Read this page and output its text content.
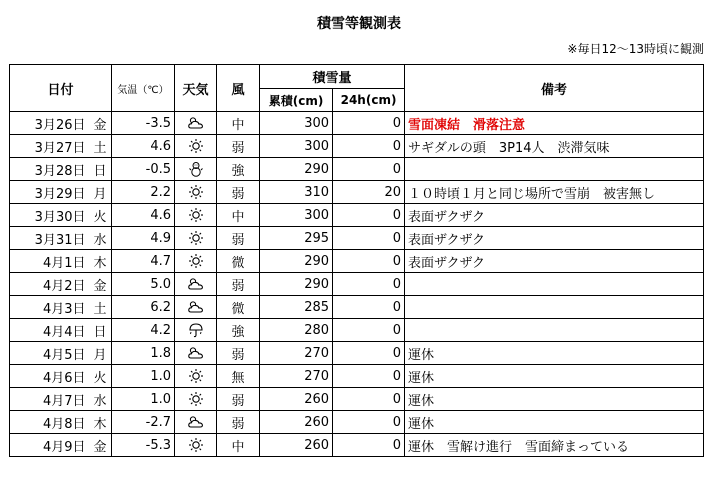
積雪等観測表
※毎日12～13時頃に観測
日付		気温（℃）	天気	風	積雪量		備考
					累積(cm)	24h(cm)	
3月26日	金	-3.5		中	300	0	雪面凍結　滑落注意
3月27日	土	4.6		弱	300	0	サギダルの頭　3P14人　渋滞気味
3月28日	日	-0.5		強	290	0	
3月29日	月	2.2		弱	310	20	１０時頃１月と同じ場所で雪崩　被害無し
3月30日	火	4.6		中	300	0	表面ザクザク
3月31日	水	4.9		弱	295	0	表面ザクザク
4月1日	木	4.7		微	290	0	表面ザクザク
4月2日	金	5.0		弱	290	0	
4月3日	土	6.2		微	285	0	
4月4日	日	4.2		強	280	0	
4月5日	月	1.8		弱	270	0	運休
4月6日	火	1.0		無	270	0	運休
4月7日	水	1.0		弱	260	0	運休
4月8日	木	-2.7		弱	260	0	運休
4月9日	金	-5.3		中	260	0	運休　雪解け進行　雪面締まっている
